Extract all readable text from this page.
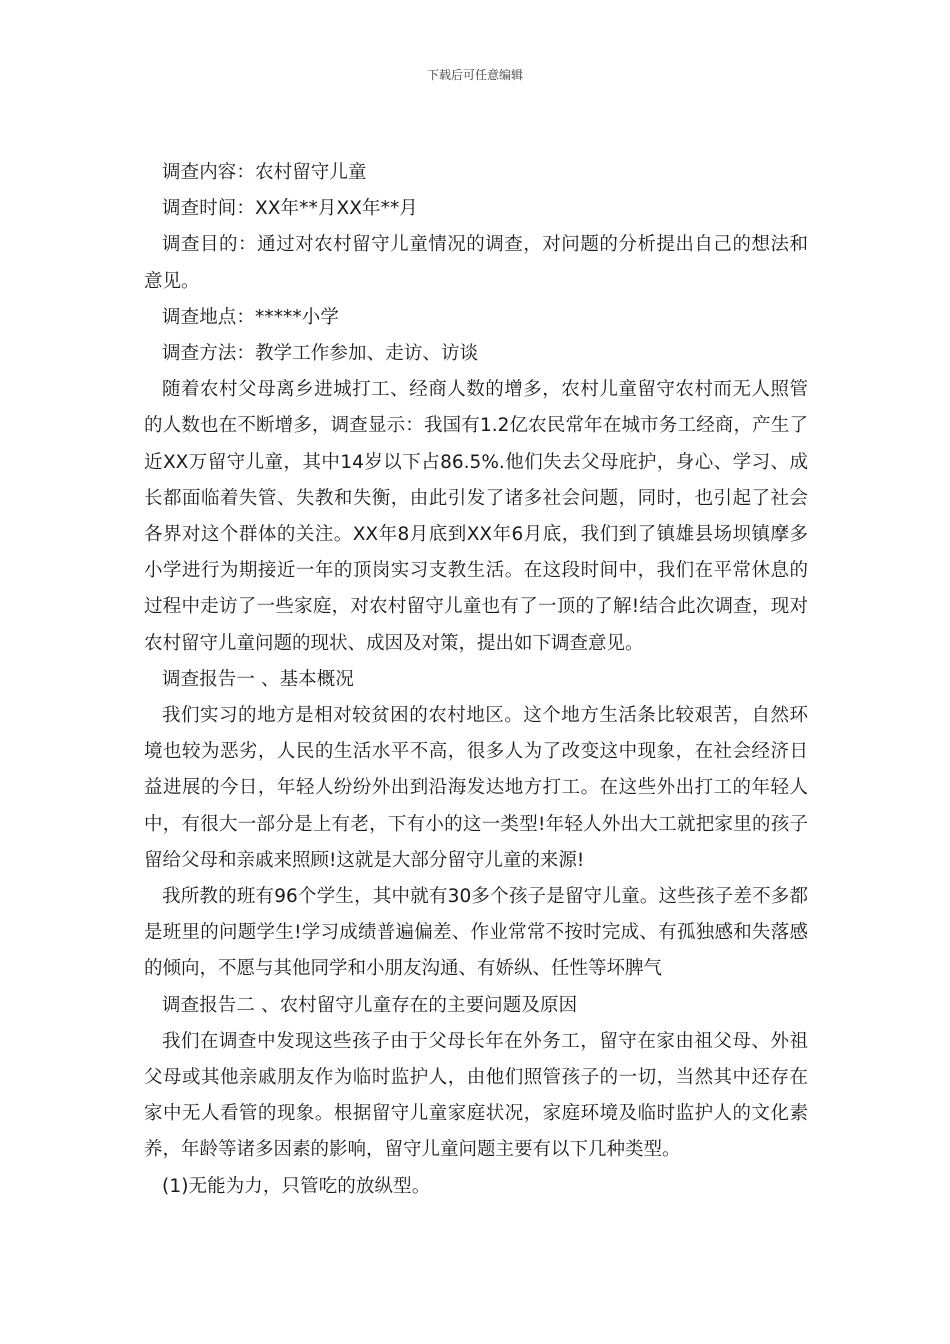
下载后可任意编辑
调查内容：农村留守儿童
调查时间：XX年**月XX年**月

调查目的：通过对农村留守儿童情况的调查，对问题的分析提出自己的想法和意见。

调查地点：*****小学
调查方法：教学工作参加、走访、访谈

随着农村父母离乡进城打工、经商人数的增多，农村儿童留守农村而无人照管的人数也在不断增多，调查显示：我国有1.2亿农民常年在城市务工经商，产生了近XX万留守儿童，其中14岁以下占86.5%.他们失去父母庇护，身心、学习、成长都面临着失管、失教和失衡，由此引发了诸多社会问题，同时，也引起了社会各界对这个群体的关注。XX年8月底到XX年6月底，我们到了镇雄县场坝镇摩多小学进行为期接近一年的顶岗实习支教生活。在这段时间中，我们在平常休息的过程中走访了一些家庭，对农村留守儿童也有了一顶的了解!结合此次调查，现对农村留守儿童问题的现状、成因及对策，提出如下调查意见。

调查报告一 、基本概况

我们实习的地方是相对较贫困的农村地区。这个地方生活条比较艰苦，自然环境也较为恶劣，人民的生活水平不高，很多人为了改变这中现象，在社会经济日益进展的今日，年轻人纷纷外出到沿海发达地方打工。在这些外出打工的年轻人中，有很大一部分是上有老，下有小的这一类型!年轻人外出大工就把家里的孩子留给父母和亲戚来照顾!这就是大部分留守儿童的来源!

我所教的班有96个学生，其中就有30多个孩子是留守儿童。这些孩子差不多都是班里的问题学生!学习成绩普遍偏差、作业常常不按时完成、有孤独感和失落感的倾向，不愿与其他同学和小朋友沟通、有娇纵、任性等坏脾气

调查报告二 、农村留守儿童存在的主要问题及原因

我们在调查中发现这些孩子由于父母长年在外务工，留守在家由祖父母、外祖父母或其他亲戚朋友作为临时监护人，由他们照管孩子的一切，当然其中还存在家中无人看管的现象。根据留守儿童家庭状况，家庭环境及临时监护人的文化素养，年龄等诸多因素的影响，留守儿童问题主要有以下几种类型。

(1)无能为力，只管吃的放纵型。
